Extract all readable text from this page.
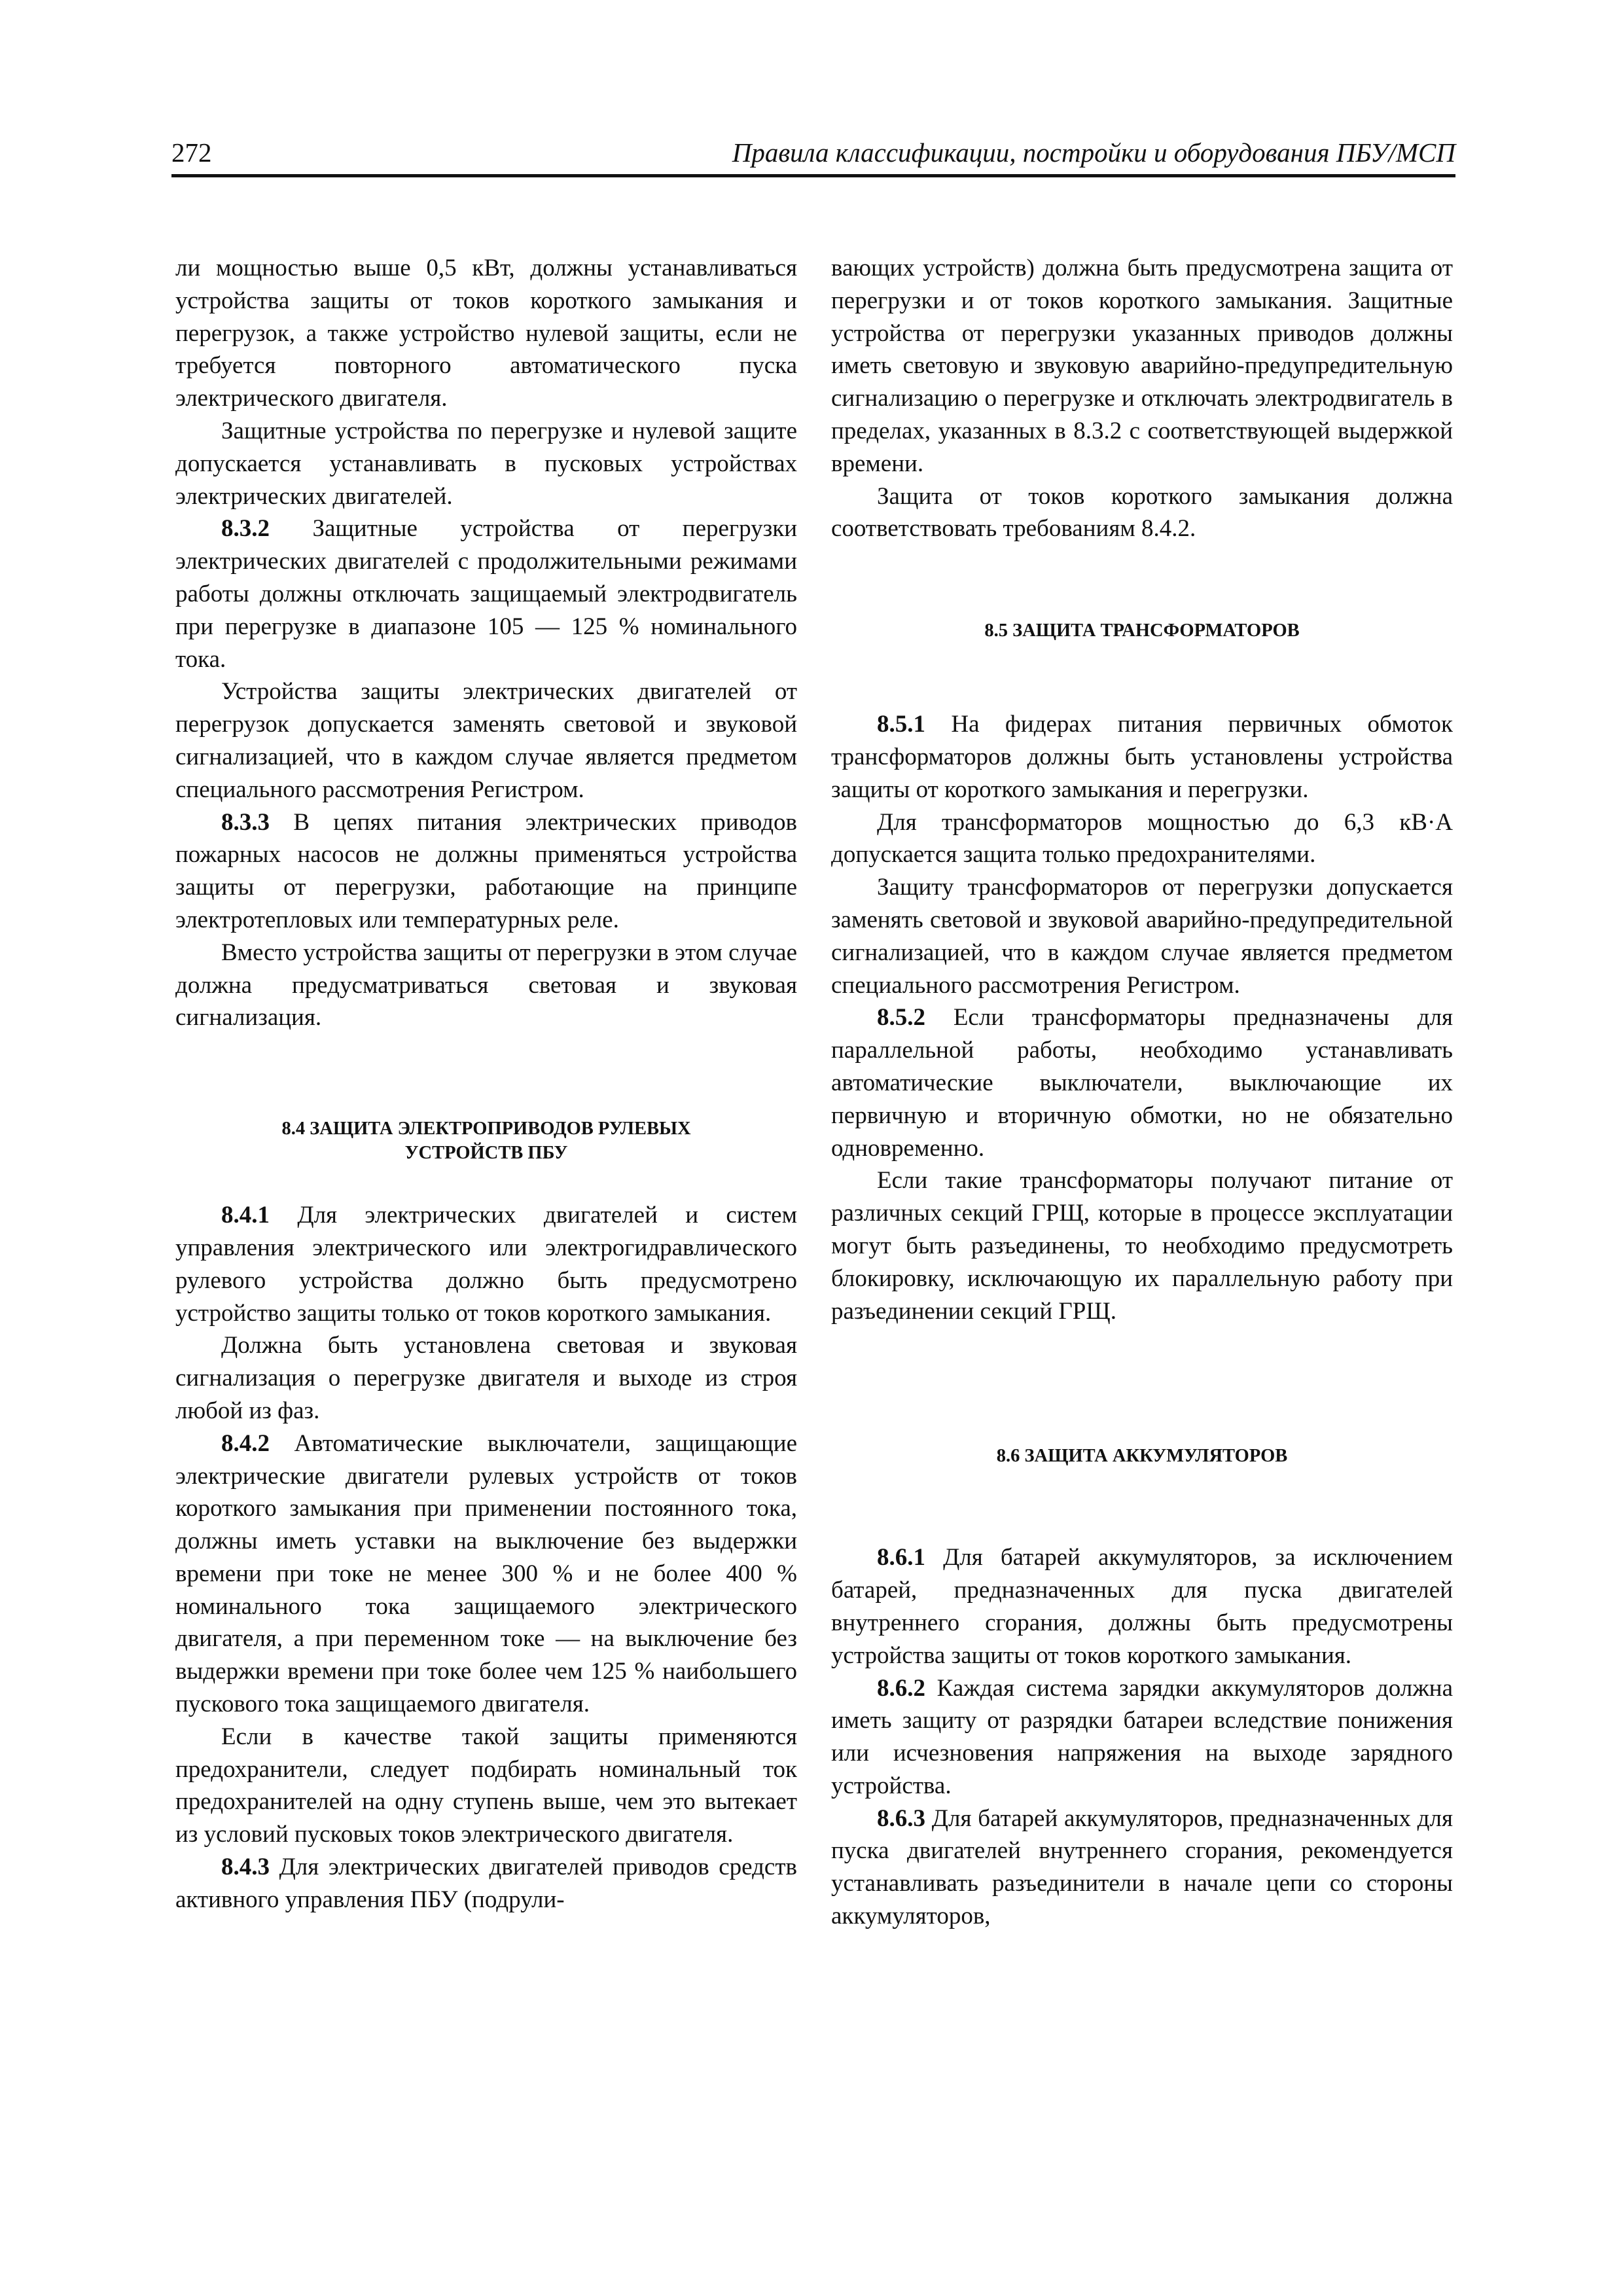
272	Правила классификации, постройки и оборудования ПБУ/МСП

ли мощностью выше 0,5 кВт, должны устанавливаться устройства защиты от токов короткого замыкания и перегрузок, а также устройство нулевой защиты, если не требуется повторного автоматического пуска электрического двигателя.

Защитные устройства по перегрузке и нулевой защите допускается устанавливать в пусковых устройствах электрических двигателей.

8.3.2 Защитные устройства от перегрузки электрических двигателей с продолжительными режимами работы должны отключать защищаемый электродвигатель при перегрузке в диапазоне 105 — 125 % номинального тока.

Устройства защиты электрических двигателей от перегрузок допускается заменять световой и звуковой сигнализацией, что в каждом случае является предметом специального рассмотрения Регистром.

8.3.3 В цепях питания электрических приводов пожарных насосов не должны применяться устройства защиты от перегрузки, работающие на принципе электротепловых или температурных реле.

Вместо устройства защиты от перегрузки в этом случае должна предусматриваться световая и звуковая сигнализация.

8.4 ЗАЩИТА ЭЛЕКТРОПРИВОДОВ РУЛЕВЫХ
УСТРОЙСТВ ПБУ

8.4.1 Для электрических двигателей и систем управления электрического или электрогидравлического рулевого устройства должно быть предусмотрено устройство защиты только от токов короткого замыкания.

Должна быть установлена световая и звуковая сигнализация о перегрузке двигателя и выходе из строя любой из фаз.

8.4.2 Автоматические выключатели, защищающие электрические двигатели рулевых устройств от токов короткого замыкания при применении постоянного тока, должны иметь уставки на выключение без выдержки времени при токе не менее 300 % и не более 400 % номинального тока защищаемого электрического двигателя, а при переменном токе — на выключение без выдержки времени при токе более чем 125 % наибольшего пускового тока защищаемого двигателя.

Если в качестве такой защиты применяются предохранители, следует подбирать номинальный ток предохранителей на одну ступень выше, чем это вытекает из условий пусковых токов электрического двигателя.

8.4.3 Для электрических двигателей приводов средств активного управления ПБУ (подрули-

вающих устройств) должна быть предусмотрена защита от перегрузки и от токов короткого замыкания. Защитные устройства от перегрузки указанных приводов должны иметь световую и звуковую аварийно-предупредительную сигнализацию о перегрузке и отключать электродвигатель в пределах, указанных в 8.3.2 с соответствующей выдержкой времени.

Защита от токов короткого замыкания должна соответствовать требованиям 8.4.2.

8.5 ЗАЩИТА ТРАНСФОРМАТОРОВ

8.5.1 На фидерах питания первичных обмоток трансформаторов должны быть установлены устройства защиты от короткого замыкания и перегрузки.

Для трансформаторов мощностью до 6,3 кВ·А допускается защита только предохранителями.

Защиту трансформаторов от перегрузки допускается заменять световой и звуковой аварийно-предупредительной сигнализацией, что в каждом случае является предметом специального рассмотрения Регистром.

8.5.2 Если трансформаторы предназначены для параллельной работы, необходимо устанавливать автоматические выключатели, выключающие их первичную и вторичную обмотки, но не обязательно одновременно.

Если такие трансформаторы получают питание от различных секций ГРЩ, которые в процессе эксплуатации могут быть разъединены, то необходимо предусмотреть блокировку, исключающую их параллельную работу при разъединении секций ГРЩ.

8.6 ЗАЩИТА АККУМУЛЯТОРОВ

8.6.1 Для батарей аккумуляторов, за исключением батарей, предназначенных для пуска двигателей внутреннего сгорания, должны быть предусмотрены устройства защиты от токов короткого замыкания.

8.6.2 Каждая система зарядки аккумуляторов должна иметь защиту от разрядки батареи вследствие понижения или исчезновения напряжения на выходе зарядного устройства.

8.6.3 Для батарей аккумуляторов, предназначенных для пуска двигателей внутреннего сгорания, рекомендуется устанавливать разъединители в начале цепи со стороны аккумуляторов,
